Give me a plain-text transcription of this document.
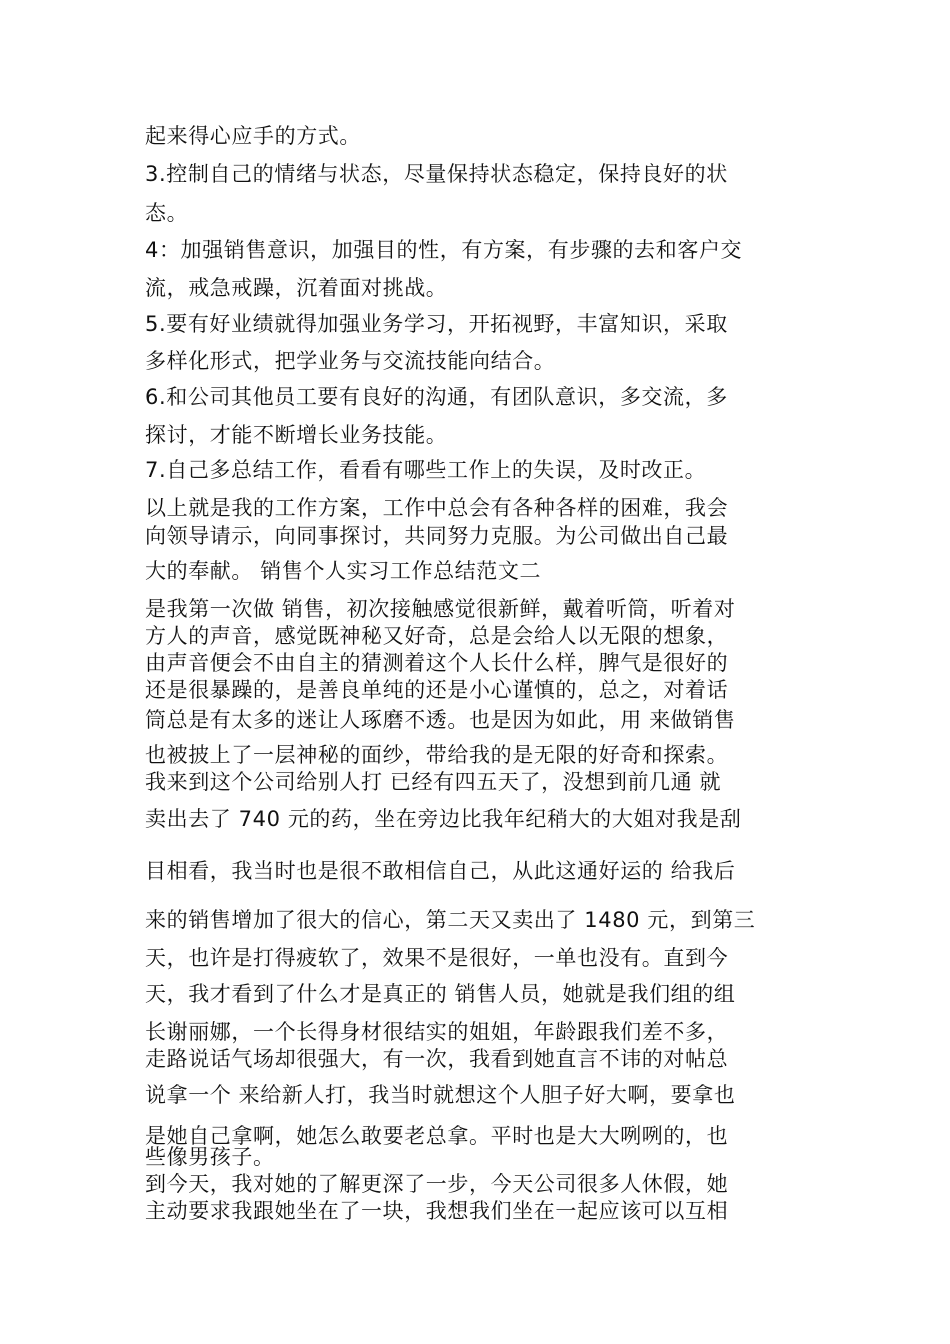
起来得心应手的方式。
3.控制自己的情绪与状态，尽量保持状态稳定，保持良好的状
态。
4：加强销售意识，加强目的性，有方案，有步骤的去和客户交
流，戒急戒躁，沉着面对挑战。
5.要有好业绩就得加强业务学习，开拓视野，丰富知识，采取
多样化形式，把学业务与交流技能向结合。
6.和公司其他员工要有良好的沟通，有团队意识，多交流，多
探讨，才能不断增长业务技能。
7.自己多总结工作，看看有哪些工作上的失误，及时改正。
以上就是我的工作方案，工作中总会有各种各样的困难，我会
向领导请示，向同事探讨，共同努力克服。为公司做出自己最
大的奉献。 销售个人实习工作总结范文二
是我第一次做 销售，初次接触感觉很新鲜，戴着听筒，听着对
方人的声音，感觉既神秘又好奇，总是会给人以无限的想象，
由声音便会不由自主的猜测着这个人长什么样，脾气是很好的
还是很暴躁的，是善良单纯的还是小心谨慎的，总之，对着话
筒总是有太多的迷让人琢磨不透。也是因为如此，用 来做销售
也被披上了一层神秘的面纱，带给我的是无限的好奇和探索。
我来到这个公司给别人打 已经有四五天了，没想到前几通 就
卖出去了 740 元的药，坐在旁边比我年纪稍大的大姐对我是刮
目相看，我当时也是很不敢相信自己，从此这通好运的 给我后
来的销售增加了很大的信心，第二天又卖出了 1480 元，到第三
天，也许是打得疲软了，效果不是很好，一单也没有。直到今
天，我才看到了什么才是真正的 销售人员，她就是我们组的组
长谢丽娜，一个长得身材很结实的姐姐，年龄跟我们差不多，
走路说话气场却很强大，有一次，我看到她直言不讳的对帖总
说拿一个 来给新人打，我当时就想这个人胆子好大啊，要拿也
是她自己拿啊，她怎么敢要老总拿。平时也是大大咧咧的，也
些像男孩子。
到今天，我对她的了解更深了一步，今天公司很多人休假，她
主动要求我跟她坐在了一块，我想我们坐在一起应该可以互相
